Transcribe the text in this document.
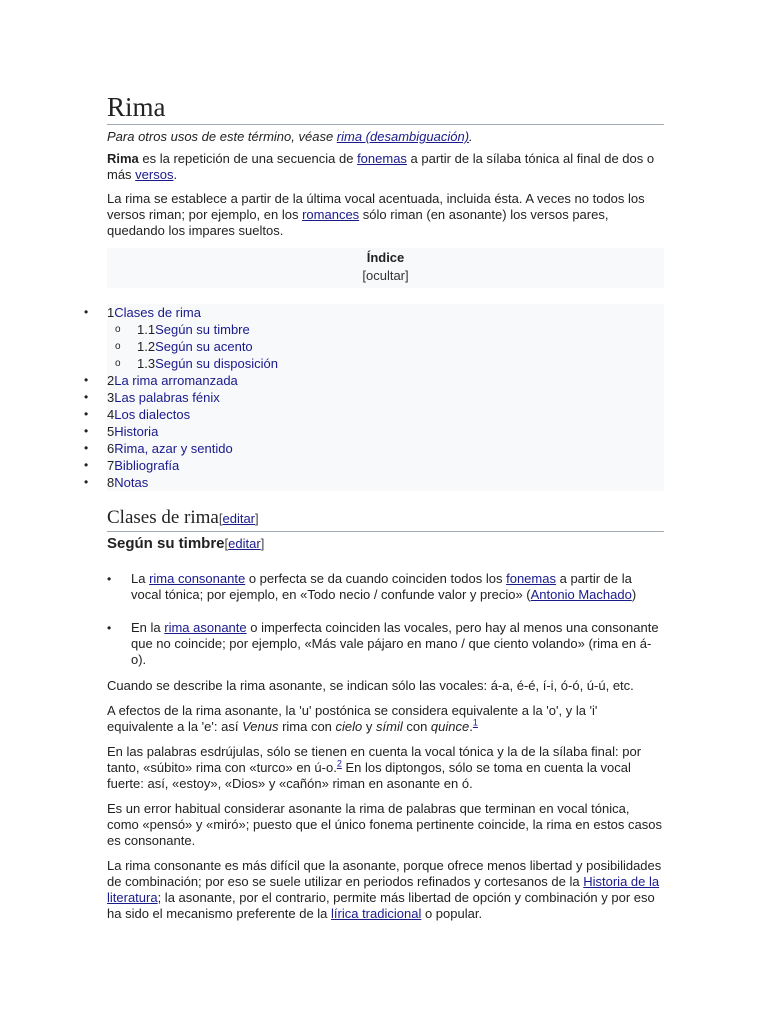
Rima
Para otros usos de este término, véase rima (desambiguación).

Rima es la repetición de una secuencia de fonemas a partir de la sílaba tónica al final de dos o más versos.

La rima se establece a partir de la última vocal acentuada, incluida ésta. A veces no todos los versos riman; por ejemplo, en los romances sólo riman (en asonante) los versos pares, quedando los impares sueltos.

Índice
[ocultar]
• 1Clases de rima
o 1.1Según su timbre
o 1.2Según su acento
o 1.3Según su disposición
• 2La rima arromanzada
• 3Las palabras fénix
• 4Los dialectos
• 5Historia
• 6Rima, azar y sentido
• 7Bibliografía
• 8Notas
Clases de rima[editar]
Según su timbre[editar]
• La rima consonante o perfecta se da cuando coinciden todos los fonemas a partir de la vocal tónica; por ejemplo, en «Todo necio / confunde valor y precio» (Antonio Machado)
• En la rima asonante o imperfecta coinciden las vocales, pero hay al menos una consonante que no coincide; por ejemplo, «Más vale pájaro en mano / que ciento volando» (rima en á-o).

Cuando se describe la rima asonante, se indican sólo las vocales: á-a, é-é, í-i, ó-ó, ú-ú, etc.

A efectos de la rima asonante, la 'u' postónica se considera equivalente a la 'o', y la 'i' equivalente a la 'e': así Venus rima con cielo y símil con quince.$^1$

En las palabras esdrújulas, sólo se tienen en cuenta la vocal tónica y la de la sílaba final: por tanto, «súbito» rima con «turco» en ú-o.$^2$ En los diptongos, sólo se toma en cuenta la vocal fuerte: así, «estoy», «Dios» y «cañón» riman en asonante en ó.

Es un error habitual considerar asonante la rima de palabras que terminan en vocal tónica, como «pensó» y «miró»; puesto que el único fonema pertinente coincide, la rima en estos casos es consonante.

La rima consonante es más difícil que la asonante, porque ofrece menos libertad y posibilidades de combinación; por eso se suele utilizar en periodos refinados y cortesanos de la Historia de la literatura; la asonante, por el contrario, permite más libertad de opción y combinación y por eso ha sido el mecanismo preferente de la lírica tradicional o popular.
